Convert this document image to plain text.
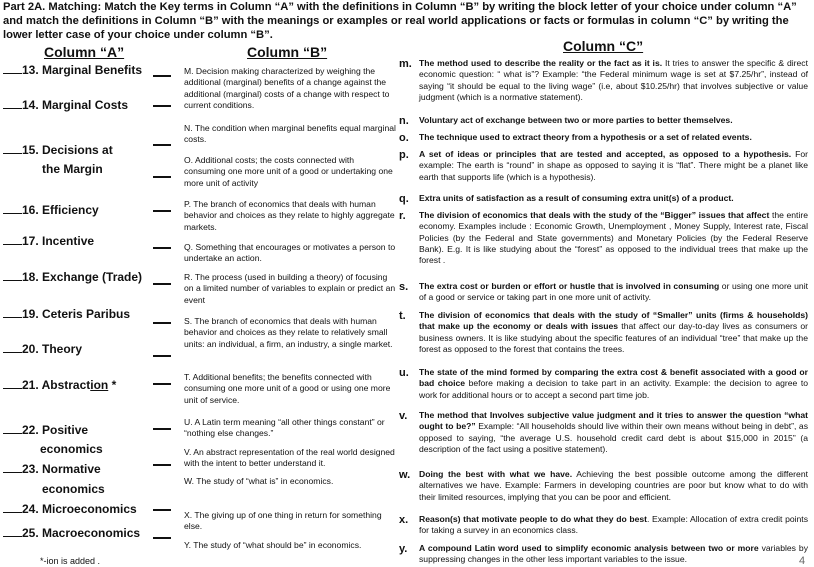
Part 2A. Matching: Match the Key terms in Column “A” with the definitions in Column “B” by writing the block letter of your choice under column “A” and match the definitions in Column “B” with the meanings or examples or real world applications or facts or formulas in column “C” by writing the lower letter case of your choice under column “B”.
Column “A”	Column “B”	Column “C”
13. Marginal Benefits
14. Marginal Costs
15. Decisions at
the Margin
16. Efficiency
17. Incentive
18. Exchange (Trade)
19. Ceteris Paribus
20. Theory
21. Abstraction *
22. Positive
economics
23. Normative
economics
24. Microeconomics
25. Macroeconomics
*-ion is added .
M. Decision making characterized by weighing the additional (marginal) benefits of a change against the additional (marginal) costs of a change with respect to current conditions.
N. The condition when marginal benefits equal marginal costs.
O. Additional costs; the costs connected with consuming one more unit of a good or undertaking one more unit of activity
P. The branch of economics that deals with human behavior and choices as they relate to highly aggregate markets.
Q. Something that encourages or motivates a person to undertake an action.
R. The process (used in building a theory) of focusing on a limited number of variables to explain or predict an event
S. The branch of economics that deals with human behavior and choices as they relate to relatively small units: an individual, a firm, an industry, a single market.
T. Additional benefits; the benefits connected with consuming one more unit of a good or using one more unit of service.
U. A Latin term meaning “all other things constant” or “nothing else changes.”
V. An abstract representation of the real world designed with the intent to better understand it.
W. The study of “what is” in economics.
X. The giving up of one thing in return for something else.
Y. The study of “what should be” in economics.
m. The method used to describe the reality or the fact as it is. It tries to answer the specific & direct economic question: “ what is”? Example: “the Federal minimum wage is set at $7.25/hr”, instead of saying “it should be equal to the living wage” (i.e, about $10.25/hr) that involves subjective or value judgment (which is a normative statement).
n.	Voluntary act of exchange between two or more parties to better themselves.
o.	The technique used to extract theory from a hypothesis or a set of related events.
p.	A set of ideas or principles that are tested and accepted, as opposed to a hypothesis. For example: The earth is “round” in shape as opposed to saying it is “flat”. There might be a planet like earth that supports life (which is a hypothesis).
q.	Extra units of satisfaction as a result of consuming extra unit(s) of a product.
r.	The division of economics that deals with the study of the “Bigger” issues that affect the entire economy. Examples include : Economic Growth, Unemployment , Money Supply, Interest rate, Fiscal Policies (by the Federal and State governments) and Monetary Policies (by the Federal Reserve Bank). E.g. It is like studying about the “forest” as opposed to the individual trees that make up the forest .
s.	The extra cost or burden or effort or hustle that is involved in consuming or using one more unit of a good or service or taking part in one more unit of activity.
t.	The division of economics that deals with the study of “Smaller” units (firms & households) that make up the economy or deals with issues that affect our day-to-day lives as consumers or business owners. It is like studying about the specific features of an individual “tree” that make up the forest as opposed to the forest that contains the trees.
u.	The state of the mind formed by comparing the extra cost & benefit associated with a good or bad choice before making a decision to take part in an activity. Example: the decision to agree to work for additional hours or to accept a second part time job.
v.	The method that Involves subjective value judgment and it tries to answer the question “what ought to be?” Example: “All households should live within their own means without being in debt”, as opposed to saying, “the average U.S. household credit card debt is about $15,000 in 2015” (a description of the fact using a positive statement).
w.	Doing the best with what we have. Achieving the best possible outcome among the different alternatives we have. Example: Farmers in developing countries are poor but know what to do with their limited resources, implying that you can be poor and efficient.
x.	Reason(s) that motivate people to do what they do best. Example: Allocation of extra credit points for taking a survey in an economics class.
y.	A compound Latin word used to simplify economic analysis between two or more variables by suppressing changes in the other less important variables to the issue.	4
